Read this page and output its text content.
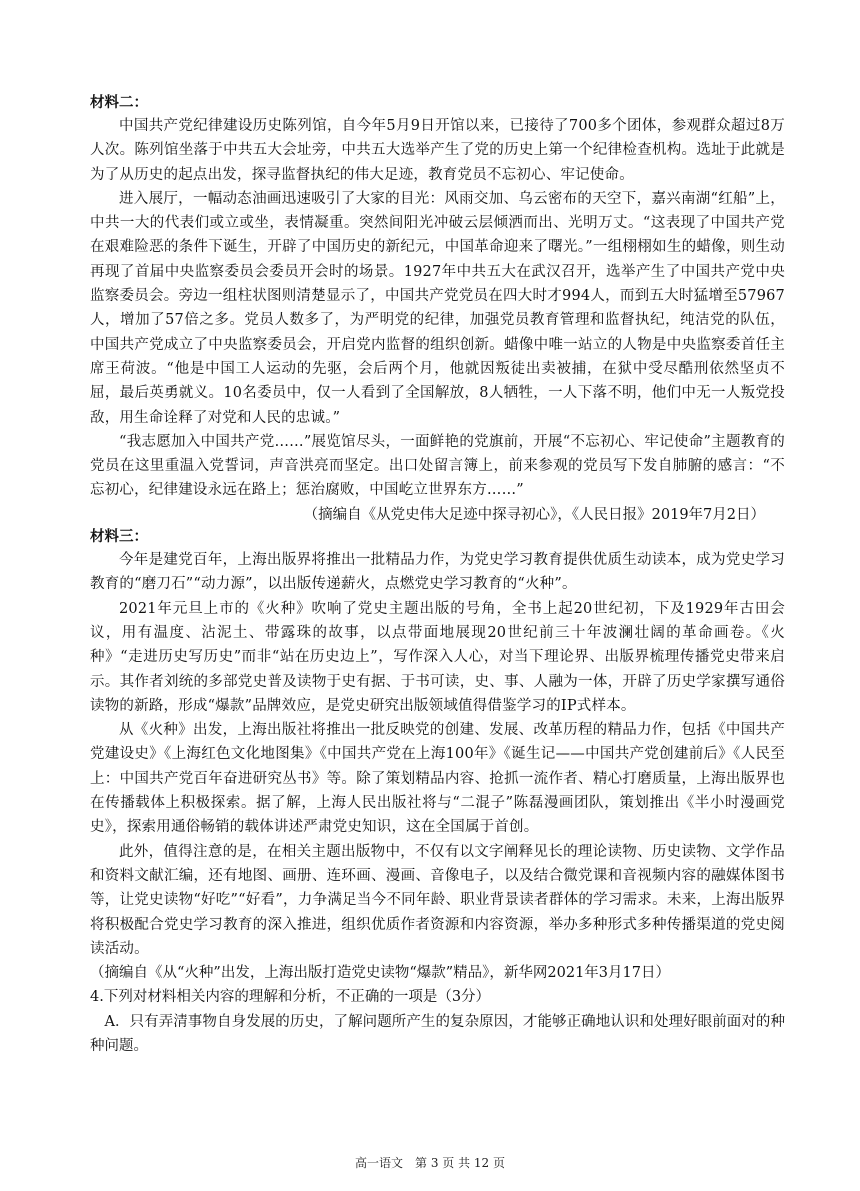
材料二：

中国共产党纪律建设历史陈列馆，自今年5月9日开馆以来，已接待了700多个团体，参观群众超过8万人次。陈列馆坐落于中共五大会址旁，中共五大选举产生了党的历史上第一个纪律检查机构。选址于此就是为了从历史的起点出发，探寻监督执纪的伟大足迹，教育党员不忘初心、牢记使命。

进入展厅，一幅动态油画迅速吸引了大家的目光：风雨交加、乌云密布的天空下，嘉兴南湖“红船”上，中共一大的代表们或立或坐，表情凝重。突然间阳光冲破云层倾洒而出、光明万丈。“这表现了中国共产党在艰难险恶的条件下诞生，开辟了中国历史的新纪元，中国革命迎来了曙光。”一组栩栩如生的蜡像，则生动再现了首届中央监察委员会委员开会时的场景。1927年中共五大在武汉召开，选举产生了中国共产党中央监察委员会。旁边一组柱状图则清楚显示了，中国共产党党员在四大时才994人，而到五大时猛增至57967人，增加了57倍之多。党员人数多了，为严明党的纪律，加强党员教育管理和监督执纪，纯洁党的队伍，中国共产党成立了中央监察委员会，开启党内监督的组织创新。蜡像中唯一站立的人物是中央监察委首任主席王荷波。“他是中国工人运动的先驱，会后两个月，他就因叛徒出卖被捕，在狱中受尽酷刑依然坚贞不屈，最后英勇就义。10名委员中，仅一人看到了全国解放，8人牺牲，一人下落不明，他们中无一人叛党投敌，用生命诠释了对党和人民的忠诚。”

“我志愿加入中国共产党……”展览馆尽头，一面鲜艳的党旗前，开展“不忘初心、牢记使命”主题教育的党员在这里重温入党誓词，声音洪亮而坚定。出口处留言簿上，前来参观的党员写下发自肺腑的感言：“不忘初心，纪律建设永远在路上；惩治腐败，中国屹立世界东方……”

（摘编自《从党史伟大足迹中探寻初心》，《人民日报》2019年7月2日）

材料三：

今年是建党百年，上海出版界将推出一批精品力作，为党史学习教育提供优质生动读本，成为党史学习教育的“磨刀石”“动力源”，以出版传递薪火，点燃党史学习教育的“火种”。

2021年元旦上市的《火种》吹响了党史主题出版的号角，全书上起20世纪初，下及1929年古田会议，用有温度、沾泥土、带露珠的故事，以点带面地展现20世纪前三十年波澜壮阔的革命画卷。《火种》“走进历史写历史”而非“站在历史边上”，写作深入人心，对当下理论界、出版界梳理传播党史带来启示。其作者刘统的多部党史普及读物于史有据、于书可读，史、事、人融为一体，开辟了历史学家撰写通俗读物的新路，形成“爆款”品牌效应，是党史研究出版领域值得借鉴学习的IP式样本。

从《火种》出发，上海出版社将推出一批反映党的创建、发展、改革历程的精品力作，包括《中国共产党建设史》《上海红色文化地图集》《中国共产党在上海100年》《诞生记——中国共产党创建前后》《人民至上：中国共产党百年奋进研究丛书》等。除了策划精品内容、抢抓一流作者、精心打磨质量，上海出版界也在传播载体上积极探索。据了解，上海人民出版社将与“二混子”陈磊漫画团队，策划推出《半小时漫画党史》，探索用通俗畅销的载体讲述严肃党史知识，这在全国属于首创。

此外，值得注意的是，在相关主题出版物中，不仅有以文字阐释见长的理论读物、历史读物、文学作品和资料文献汇编，还有地图、画册、连环画、漫画、音像电子，以及结合微党课和音视频内容的融媒体图书等，让党史读物“好吃”“好看”，力争满足当今不同年龄、职业背景读者群体的学习需求。未来，上海出版界将积极配合党史学习教育的深入推进，组织优质作者资源和内容资源，举办多种形式多种传播渠道的党史阅读活动。

（摘编自《从“火种”出发，上海出版打造党史读物“爆款”精品》，新华网2021年3月17日）

4.下列对材料相关内容的理解和分析，不正确的一项是（3分）

A．只有弄清事物自身发展的历史，了解问题所产生的复杂原因，才能够正确地认识和处理好眼前面对的种种问题。

高一语文　第 3 页 共 12 页
